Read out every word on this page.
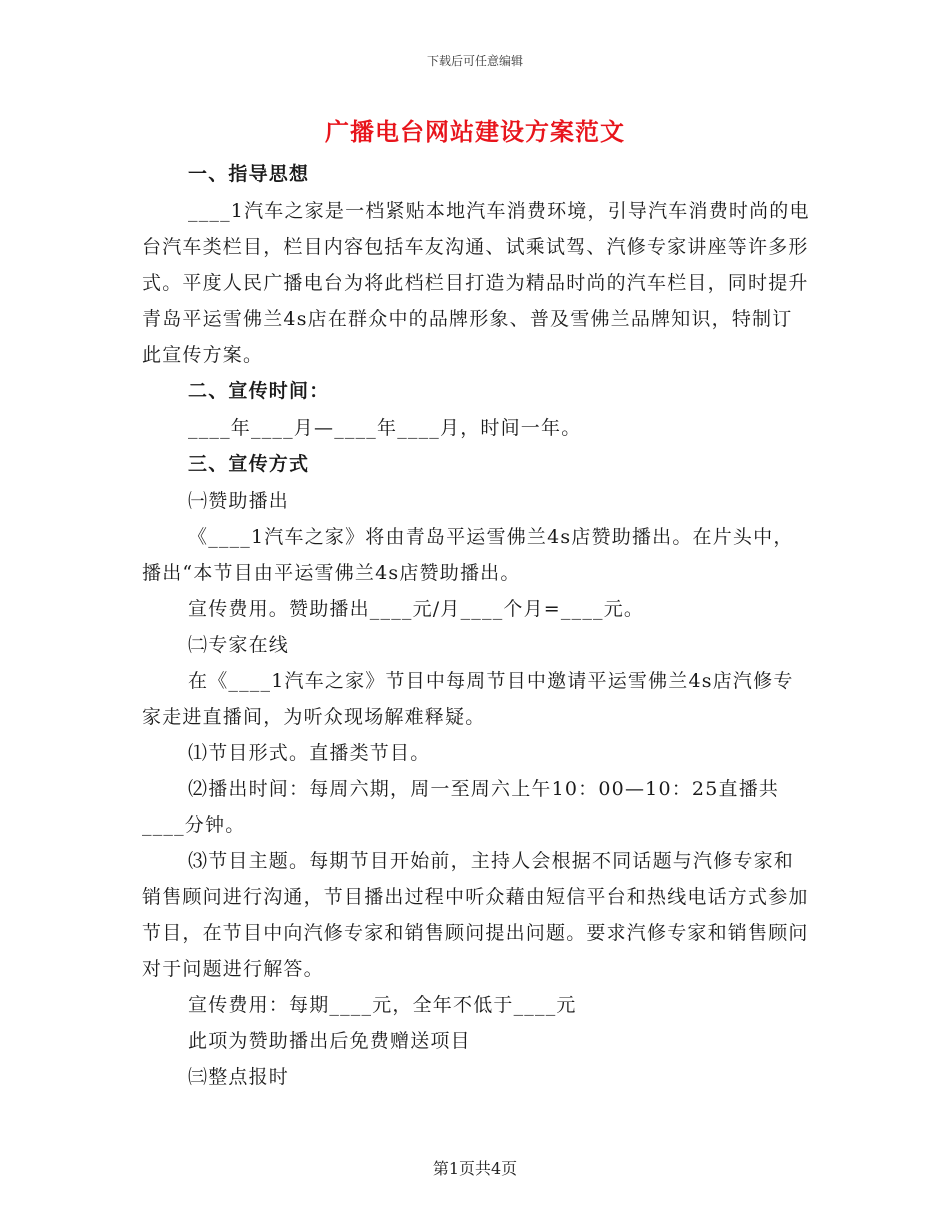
下载后可任意编辑
广播电台网站建设方案范文

一、指导思想

____1汽车之家是一档紧贴本地汽车消费环境，引导汽车消费时尚的电台汽车类栏目，栏目内容包括车友沟通、试乘试驾、汽修专家讲座等许多形式。平度人民广播电台为将此档栏目打造为精品时尚的汽车栏目，同时提升青岛平运雪佛兰4s店在群众中的品牌形象、普及雪佛兰品牌知识，特制订此宣传方案。

二、宣传时间：

____年____月—____年____月，时间一年。

三、宣传方式

㈠赞助播出

《____1汽车之家》将由青岛平运雪佛兰4s店赞助播出。在片头中，播出“本节目由平运雪佛兰4s店赞助播出。

宣传费用。赞助播出____元/月____个月=____元。

㈡专家在线

在《____1汽车之家》节目中每周节目中邀请平运雪佛兰4s店汽修专家走进直播间，为听众现场解难释疑。

⑴节目形式。直播类节目。

⑵播出时间：每周六期，周一至周六上午10：00—10：25直播共____分钟。

⑶节目主题。每期节目开始前，主持人会根据不同话题与汽修专家和销售顾问进行沟通，节目播出过程中听众藉由短信平台和热线电话方式参加节目，在节目中向汽修专家和销售顾问提出问题。要求汽修专家和销售顾问对于问题进行解答。

宣传费用：每期____元，全年不低于____元

此项为赞助播出后免费赠送项目

㈢整点报时

第1页共4页
